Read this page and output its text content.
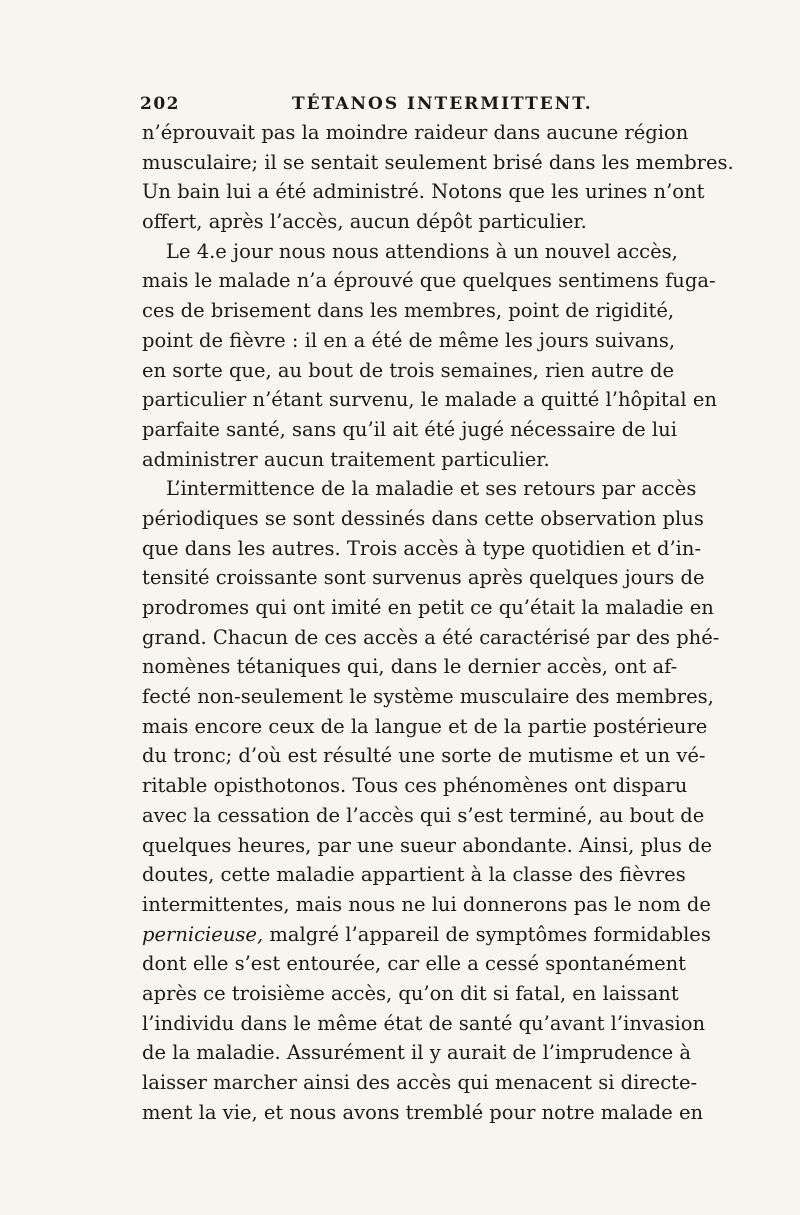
202	TÉTANOS INTERMITTENT.
n’éprouvait pas la moindre raideur dans aucune région
musculaire; il se sentait seulement brisé dans les membres.
Un bain lui a été administré. Notons que les urines n’ont
offert, après l’accès, aucun dépôt particulier.
Le 4.e jour nous nous attendions à un nouvel accès,
mais le malade n’a éprouvé que quelques sentimens fuga-
ces de brisement dans les membres, point de rigidité,
point de fièvre : il en a été de même les jours suivans,
en sorte que, au bout de trois semaines, rien autre de
particulier n’étant survenu, le malade a quitté l’hôpital en
parfaite santé, sans qu’il ait été jugé nécessaire de lui
administrer aucun traitement particulier.
L’intermittence de la maladie et ses retours par accès
périodiques se sont dessinés dans cette observation plus
que dans les autres. Trois accès à type quotidien et d’in-
tensité croissante sont survenus après quelques jours de
prodromes qui ont imité en petit ce qu’était la maladie en
grand. Chacun de ces accès a été caractérisé par des phé-
nomènes tétaniques qui, dans le dernier accès, ont af-
fecté non-seulement le système musculaire des membres,
mais encore ceux de la langue et de la partie postérieure
du tronc; d’où est résulté une sorte de mutisme et un vé-
ritable opisthotonos. Tous ces phénomènes ont disparu
avec la cessation de l’accès qui s’est terminé, au bout de
quelques heures, par une sueur abondante. Ainsi, plus de
doutes, cette maladie appartient à la classe des fièvres
intermittentes, mais nous ne lui donnerons pas le nom de
pernicieuse, malgré l’appareil de symptômes formidables
dont elle s’est entourée, car elle a cessé spontanément
après ce troisième accès, qu’on dit si fatal, en laissant
l’individu dans le même état de santé qu’avant l’invasion
de la maladie. Assurément il y aurait de l’imprudence à
laisser marcher ainsi des accès qui menacent si directe-
ment la vie, et nous avons tremblé pour notre malade en
